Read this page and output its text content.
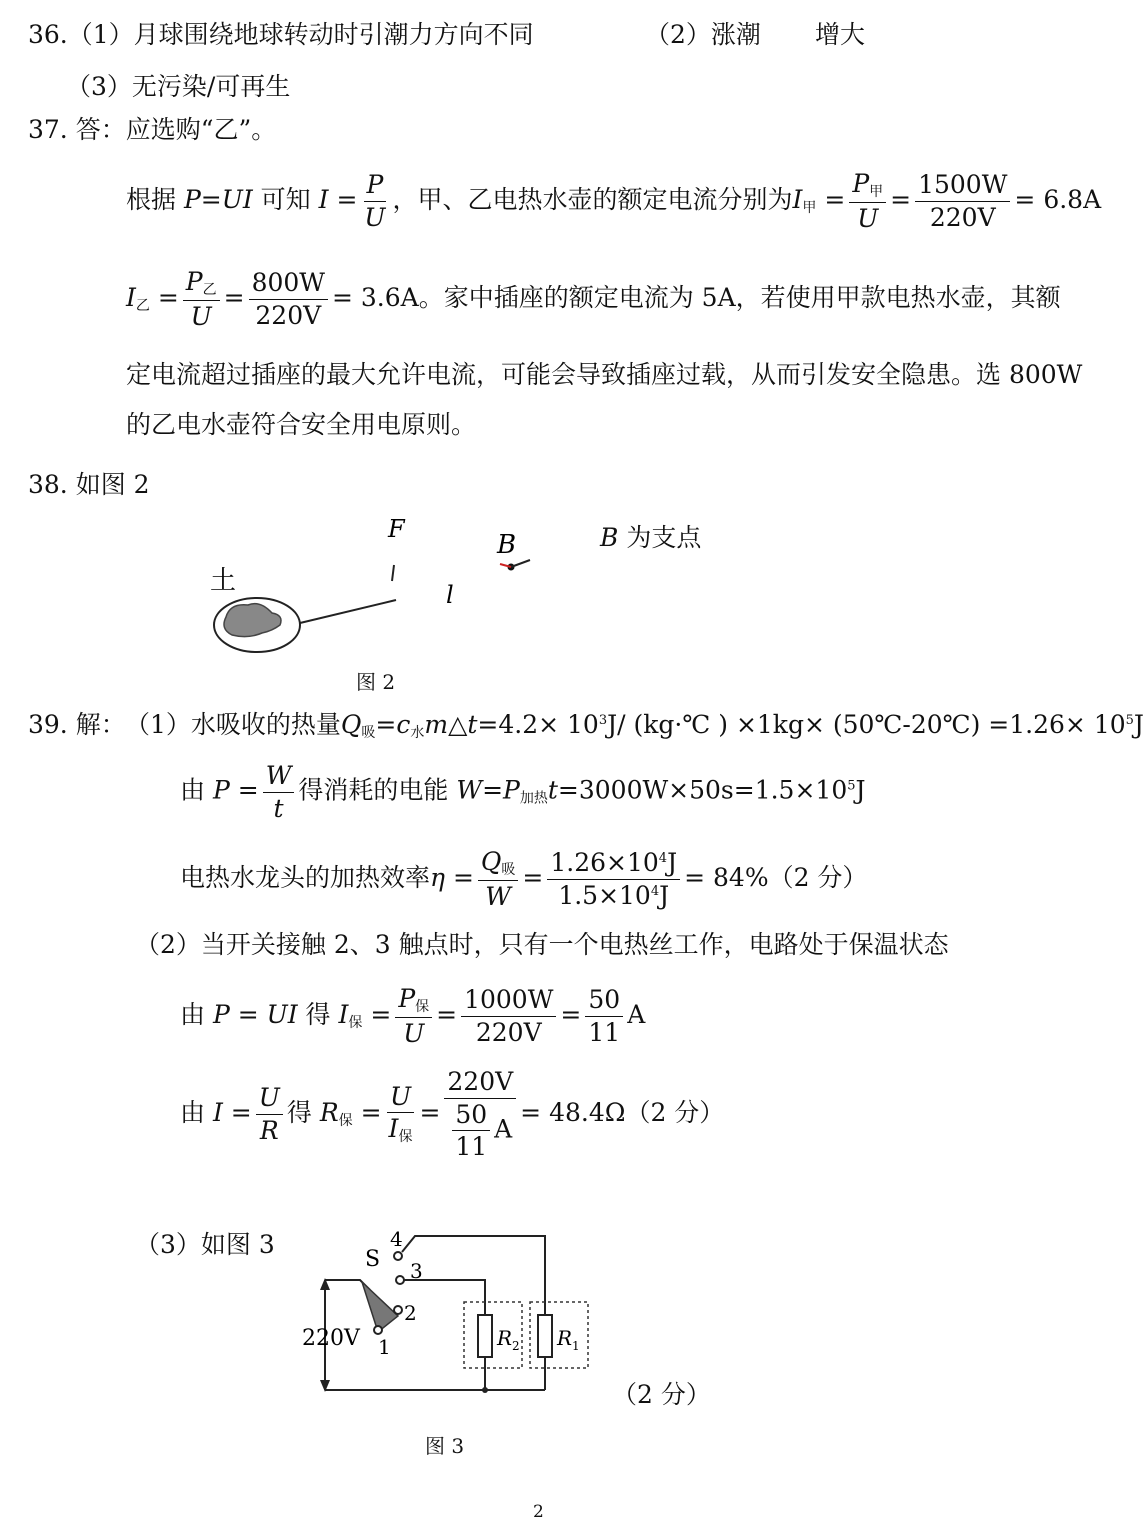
36.（1）月球围绕地球转动时引潮力方向不同	（2）涨潮 增大
（3）无污染/可再生
37. 答：应选购“乙”。
根据 P=UI 可知 $I = \frac{P}{U}$ ，甲、乙电热水壶的额定电流分别为$I_甲 = \frac{P_甲}{U} = \frac{1500W}{220V} = 6.8A$
$I_乙 = \frac{P_乙}{U} = \frac{800W}{220V} = 3.6A$。家中插座的额定电流为 5A，若使用甲款电热水壶，其额
定电流超过插座的最大允许电流，可能会导致插座过载，从而引发安全隐患。选 800W
的乙电水壶符合安全用电原则。
38. 如图 2
B 为支点
F
B
土	l
图 2
39. 解： （1）水吸收的热量$Q_吸=c_水m\triangle t=4.2\times 10^3J/$ (kg·℃ ) ×1kg× (50℃-20℃) $=1.26\times 10^5J$
由 $P = \frac{W}{t}$ 得消耗的电能 $W=P_{加热}t=3000W\times 50s=1.5\times 10^5J$
电热水龙头的加热效率$\eta = \frac{Q_吸}{W} = \frac{1.26\times 10^4J}{1.5\times 10^4J} = 84\%(2$ 分）
（2）当开关接触 2、3 触点时，只有一个电热丝工作，电路处于保温状态
由 P = UI 得 $I_保 = \frac{P_保}{U} = \frac{1000W}{220V} = \frac{50}{11}$ A
由 $I = \frac{U}{R}$ 得 $R_保 = \frac{U}{I_保} = \frac{220V}{\frac{50}{11} A} = 48.4\Omega(2$ 分）
（3）如图 3
220V
S
1
2
3
4
R 2 R 1
（2 分）
图 3
2
